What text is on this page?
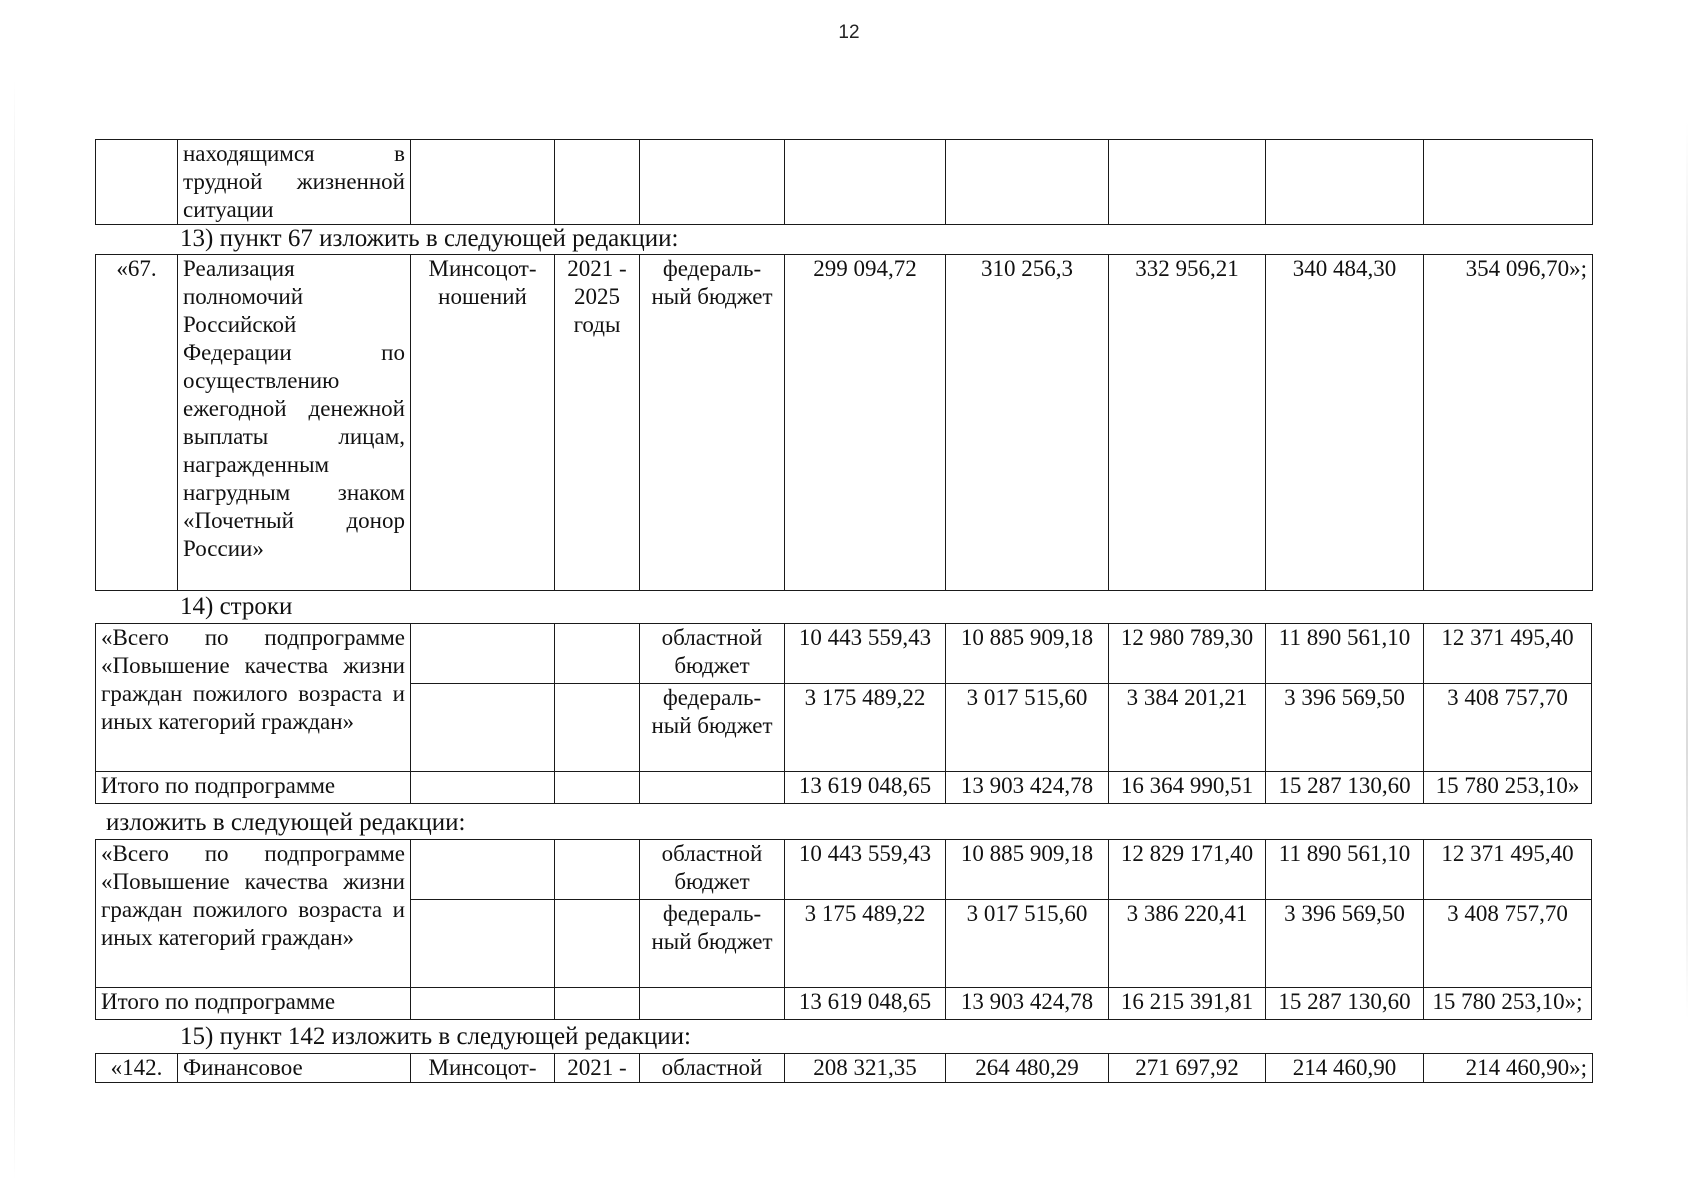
12
	находящимся в трудной жизненной ситуации								
13) пункт 67 изложить в следующей редакции:
«67.	Реализация полномочий Российской Федерации по осуществлению ежегодной денежной выплаты лицам, награжденным нагрудным знаком «Почетный донор России»	Минсоцот-ношений	2021 - 2025 годы	федераль-ный бюджет	299 094,72	310 256,3	332 956,21	340 484,30	354 096,70»;
14) строки
«Всего по подпрограмме «Повышение качества жизни граждан пожилого возраста и иных категорий граждан»			областной бюджет	10 443 559,43	10 885 909,18	12 980 789,30	11 890 561,10	12 371 495,40
			федераль-ный бюджет	3 175 489,22	3 017 515,60	3 384 201,21	3 396 569,50	3 408 757,70
Итого по подпрограмме				13 619 048,65	13 903 424,78	16 364 990,51	15 287 130,60	15 780 253,10»
изложить в следующей редакции:
«Всего по подпрограмме «Повышение качества жизни граждан пожилого возраста и иных категорий граждан»			областной бюджет	10 443 559,43	10 885 909,18	12 829 171,40	11 890 561,10	12 371 495,40
			федераль-ный бюджет	3 175 489,22	3 017 515,60	3 386 220,41	3 396 569,50	3 408 757,70
Итого по подпрограмме				13 619 048,65	13 903 424,78	16 215 391,81	15 287 130,60	15 780 253,10»;
15) пункт 142 изложить в следующей редакции:
«142.	Финансовое	Минсоцот-	2021 -	областной	208 321,35	264 480,29	271 697,92	214 460,90	214 460,90»;
